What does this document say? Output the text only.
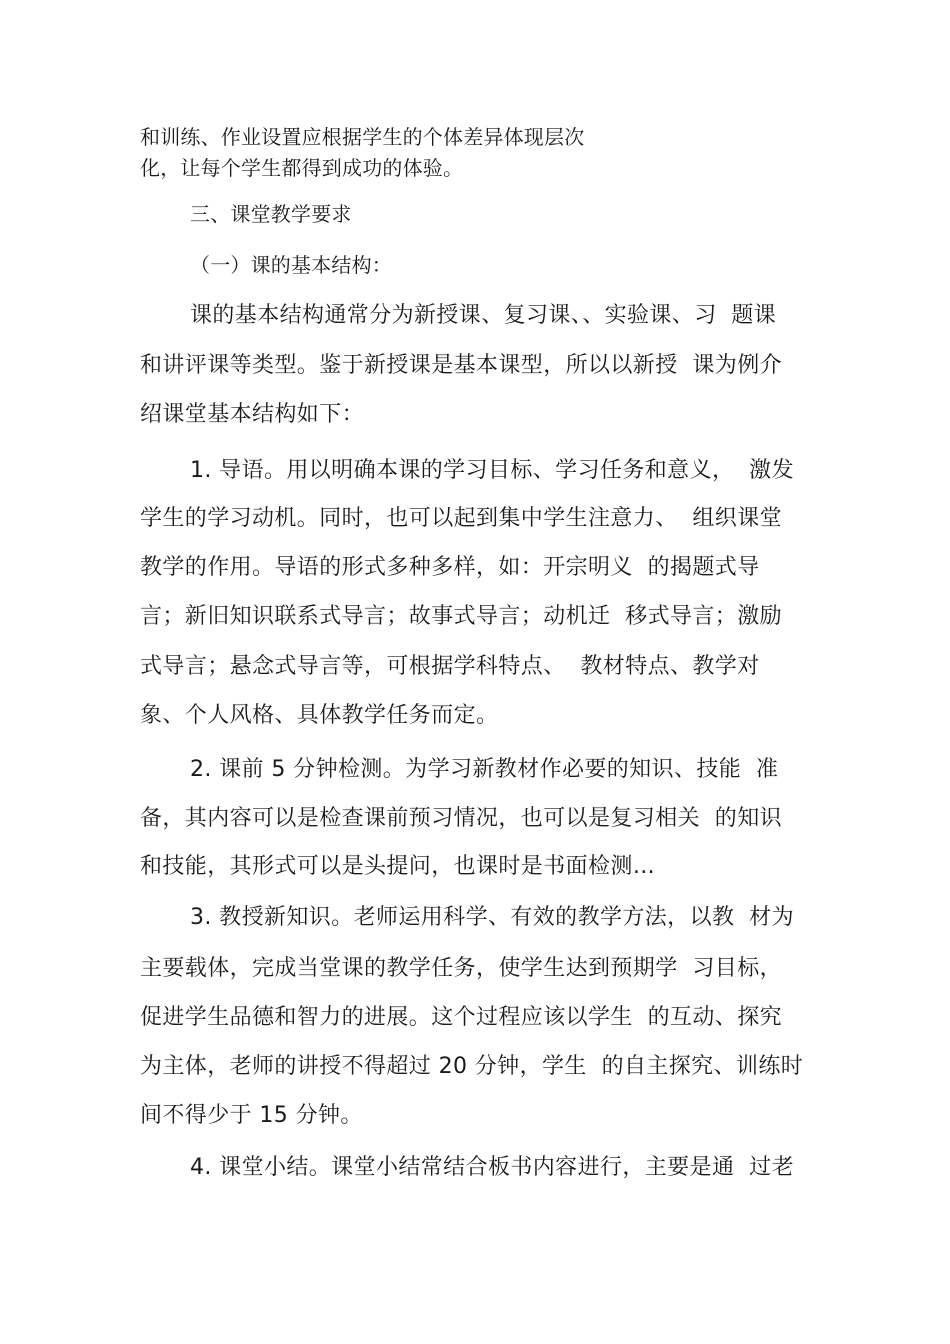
和训练、作业设置应根据学生的个体差异体现层次
化，让每个学生都得到成功的体验。
三、课堂教学要求
（一）课的基本结构：
课的基本结构通常分为新授课、复习课、、实验课、习  题课
和讲评课等类型。鉴于新授课是基本课型，所以以新授  课为例介
绍课堂基本结构如下：
1. 导语。用以明确本课的学习目标、学习任务和意义，  激发
学生的学习动机。同时，也可以起到集中学生注意力、  组织课堂
教学的作用。导语的形式多种多样，如：开宗明义  的揭题式导
言；新旧知识联系式导言；故事式导言；动机迁  移式导言；激励
式导言；悬念式导言等，可根据学科特点、  教材特点、教学对
象、个人风格、具体教学任务而定。
2. 课前 5 分钟检测。为学习新教材作必要的知识、技能  准
备，其内容可以是检查课前预习情况，也可以是复习相关  的知识
和技能，其形式可以是头提问，也课时是书面检测…
3. 教授新知识。老师运用科学、有效的教学方法，以教  材为
主要载体，完成当堂课的教学任务，使学生达到预期学  习目标，
促进学生品德和智力的进展。这个过程应该以学生  的互动、探究
为主体，老师的讲授不得超过 20 分钟，学生  的自主探究、训练时
间不得少于 15 分钟。
4. 课堂小结。课堂小结常结合板书内容进行，主要是通  过老
